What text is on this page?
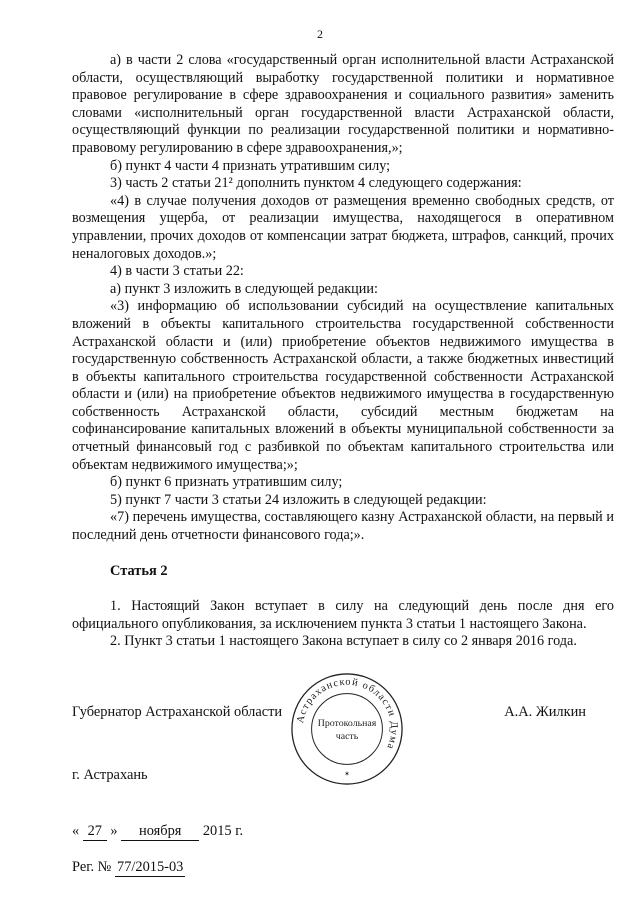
2

а) в части 2 слова «государственный орган исполнительной власти Астраханской области, осуществляющий выработку государственной политики и нормативное правовое регулирование в сфере здравоохранения и социального развития» заменить словами «исполнительный орган государственной власти Астраханской области, осуществляющий функции по реализации государственной политики и нормативно-правовому регулированию в сфере здравоохранения,»;

б) пункт 4 части 4 признать утратившим силу;

3) часть 2 статьи 21² дополнить пунктом 4 следующего содержания:

«4) в случае получения доходов от размещения временно свободных средств, от возмещения ущерба, от реализации имущества, находящегося в оперативном управлении, прочих доходов от компенсации затрат бюджета, штрафов, санкций, прочих неналоговых доходов.»;

4) в части 3 статьи 22:

а) пункт 3 изложить в следующей редакции:

«3) информацию об использовании субсидий на осуществление капитальных вложений в объекты капитального строительства государственной собственности Астраханской области и (или) приобретение объектов недвижимого имущества в государственную собственность Астраханской области, а также бюджетных инвестиций в объекты капитального строительства государственной собственности Астраханской области и (или) на приобретение объектов недвижимого имущества в государственную собственность Астраханской области, субсидий местным бюджетам на софинансирование капитальных вложений в объекты муниципальной собственности за отчетный финансовый год с разбивкой по объектам капитального строительства или объектам недвижимого имущества;»;

б) пункт 6 признать утратившим силу;

5) пункт 7 части 3 статьи 24 изложить в следующей редакции:

«7) перечень имущества, составляющего казну Астраханской области, на первый и последний день отчетности финансового года;».

Статья 2

1. Настоящий Закон вступает в силу на следующий день после дня его официального опубликования, за исключением пункта 3 статьи 1 настоящего Закона.

2. Пункт 3 статьи 1 настоящего Закона вступает в силу со 2 января 2016 года.

Губернатор Астраханской области	А.А. Жилкин
Астраханской области Дума
Протокольная
часть
✶
г. Астрахань
« 27 » ноября 2015 г.
Рег. № 77/2015-03
